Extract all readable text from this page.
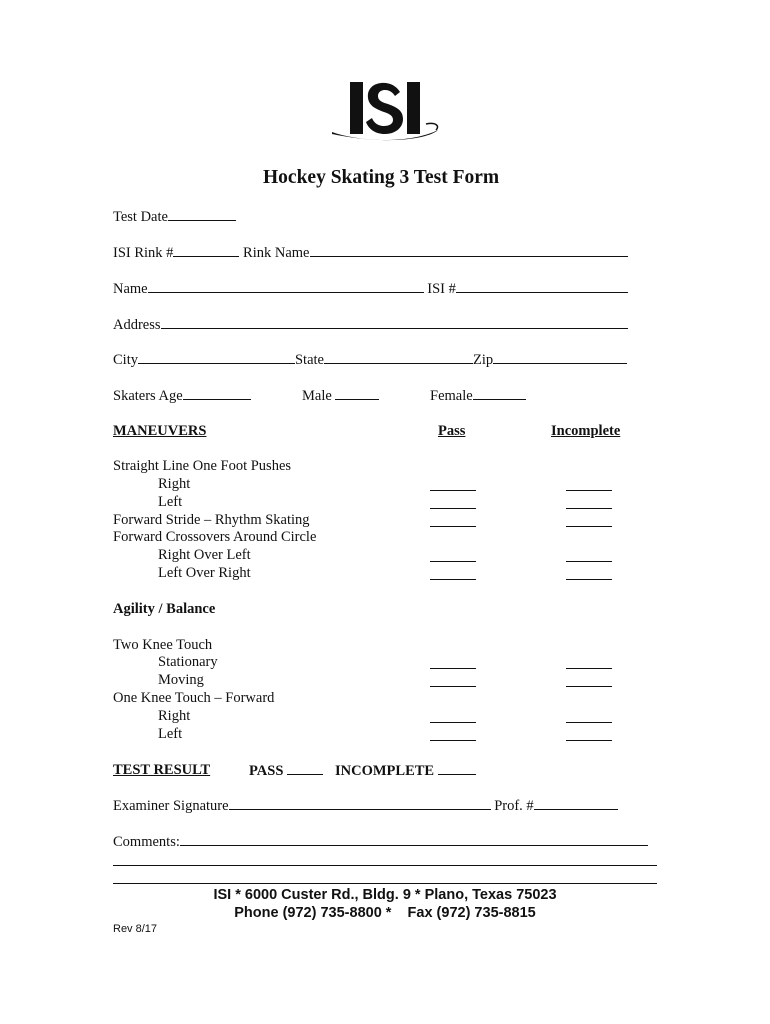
Hockey Skating 3 Test Form
Test Date
ISI Rink #	Rink Name
Name	ISI #
Address
City	State	Zip
Skaters Age	Male	Female
MANEUVERS	Pass	Incomplete
Straight Line One Foot Pushes
Right
Left
Forward Stride – Rhythm Skating
Forward Crossovers Around Circle
Right Over Left
Left Over Right
Agility / Balance
Two Knee Touch
Stationary
Moving
One Knee Touch – Forward
Right
Left
TEST RESULT	PASS	INCOMPLETE
Examiner Signature	Prof. #
Comments:
ISI * 6000 Custer Rd., Bldg. 9 * Plano, Texas 75023
Phone (972) 735-8800 *    Fax (972) 735-8815
Rev 8/17
